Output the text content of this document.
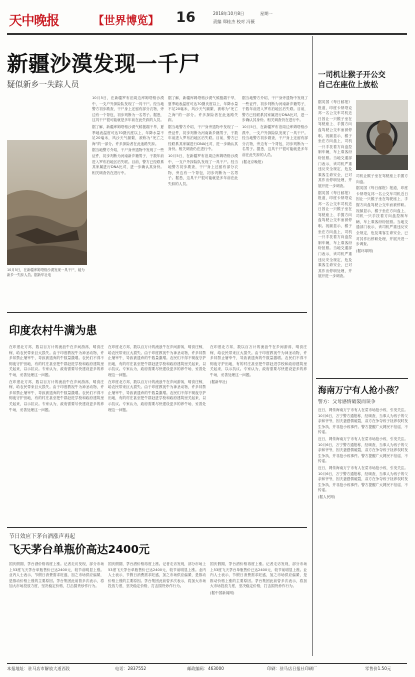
天中晚报	【世界博览】 16	2018年10月8日	星期一
责编 郑桂杰 校对 冯薇
新疆沙漠发现一千尸
疑似新乡一失踪人员
10月5日，在新疆库姆塔格沙漠发现一具干尸，疑为新乡一失踪人员。据新华社电

10月5日，在新疆罗布泊周边库姆塔格沙漠中，一支户外探险队发现了一具干尸。经当地警方初步勘查，干尸身上还留有部分衣物，旁边有一个背包，初步判断为一名男子。据悉，这具干尸很可能就是多年前在此失踪的人员。

据了解，新疆库姆塔格沙漠气候极端干旱，夏季地表温度可达70摄氏度以上，年降水量不足20毫米，风沙天气频繁，被称为“死亡之海”的一部分。许多探险者在此迷路失踪。

据当地警方介绍，干尸身旁遗物中发现了一些证件，初步判断为河南新乡籍男子，于数年前进入罗布泊地区后失联。目前，警方已经联系其家属进行DNA比对，进一步确认其身份。相关调查仍在进行中。

据了解，新疆库姆塔格沙漠气候极端干旱，夏季地表温度可达70摄氏度以上，年降水量不足20毫米，风沙天气频繁，被称为“死亡之海”的一部分。许多探险者在此迷路失踪。

据当地警方介绍，干尸身旁遗物中发现了一些证件，初步判断为河南新乡籍男子，于数年前进入罗布泊地区后失联。目前，警方已经联系其家属进行DNA比对，进一步确认其身份。相关调查仍在进行中。

10月5日，在新疆罗布泊周边库姆塔格沙漠中，一支户外探险队发现了一具干尸。经当地警方初步勘查，干尸身上还留有部分衣物，旁边有一个背包，初步判断为一名男子。据悉，这具干尸很可能就是多年前在此失踪的人员。

据当地警方介绍，干尸身旁遗物中发现了一些证件，初步判断为河南新乡籍男子，于数年前进入罗布泊地区后失联。目前，警方已经联系其家属进行DNA比对，进一步确认其身份。相关调查仍在进行中。

10月5日，在新疆罗布泊周边库姆塔格沙漠中，一支户外探险队发现了一具干尸。经当地警方初步勘查，干尸身上还留有部分衣物，旁边有一个背包，初步判断为一名男子。据悉，这具干尸很可能就是多年前在此失踪的人员。

(据北京晚报)

印度农村牛满为患

在印度北方邦，数以百万计的流浪牛在乡间游荡，啃食庄稼，给农民带来巨大损失。由于印度教视牛为神圣动物，许多邦禁止屠宰牛，导致被遗弃的牛数量激增。农民们不得不彻夜守护田地，有的村庄甚至把牛群赶进学校和政府建筑里关起来，以示抗议。专家认为，政府需要尽快建设更多的养牛场，妥善处理这一问题。

在印度北方邦，数以百万计的流浪牛在乡间游荡，啃食庄稼，给农民带来巨大损失。由于印度教视牛为神圣动物，许多邦禁止屠宰牛，导致被遗弃的牛数量激增。农民们不得不彻夜守护田地，有的村庄甚至把牛群赶进学校和政府建筑里关起来，以示抗议。专家认为，政府需要尽快建设更多的养牛场，妥善处理这一问题。

在印度北方邦，数以百万计的流浪牛在乡间游荡，啃食庄稼，给农民带来巨大损失。由于印度教视牛为神圣动物，许多邦禁止屠宰牛，导致被遗弃的牛数量激增。农民们不得不彻夜守护田地，有的村庄甚至把牛群赶进学校和政府建筑里关起来，以示抗议。专家认为，政府需要尽快建设更多的养牛场，妥善处理这一问题。

在印度北方邦，数以百万计的流浪牛在乡间游荡，啃食庄稼，给农民带来巨大损失。由于印度教视牛为神圣动物，许多邦禁止屠宰牛，导致被遗弃的牛数量激增。农民们不得不彻夜守护田地，有的村庄甚至把牛群赶进学校和政府建筑里关起来，以示抗议。专家认为，政府需要尽快建设更多的养牛场，妥善处理这一问题。

在印度北方邦，数以百万计的流浪牛在乡间游荡，啃食庄稼，给农民带来巨大损失。由于印度教视牛为神圣动物，许多邦禁止屠宰牛，导致被遗弃的牛数量激增。农民们不得不彻夜守护田地，有的村庄甚至把牛群赶进学校和政府建筑里关起来，以示抗议。专家认为，政府需要尽快建设更多的养牛场，妥善处理这一问题。

(据新华社)

节日效应下茅台酒涨声再起
飞天茅台单瓶价高达2400元

国庆假期，茅台酒价格再度上涨。记者走访发现，部分市场上53度飞天茅台单瓶售价已达2400元，较节前明显上涨。业内人士表示，节假日消费需求旺盛，加之市场供应偏紧，是推动价格上涨的主要原因。茅台集团此前曾多次表示，将加大市场投放力度，坚决稳定价格，打击囤货炒作行为。

国庆假期，茅台酒价格再度上涨。记者走访发现，部分市场上53度飞天茅台单瓶售价已达2400元，较节前明显上涨。业内人士表示，节假日消费需求旺盛，加之市场供应偏紧，是推动价格上涨的主要原因。茅台集团此前曾多次表示，将加大市场投放力度，坚决稳定价格，打击囤货炒作行为。

国庆假期，茅台酒价格再度上涨。记者走访发现，部分市场上53度飞天茅台单瓶售价已达2400元，较节前明显上涨。业内人士表示，节假日消费需求旺盛，加之市场供应偏紧，是推动价格上涨的主要原因。茅台集团此前曾多次表示，将加大市场投放力度，坚决稳定价格，打击囤货炒作行为。

(据中国新闻网)

一司机让猴子开公交
自己在座位上放松

据英国《每日邮报》报道，印度卡纳塔克邦一名公交车司机近日因让一只猴子坐在驾驶座上、手握方向盘驾驶公交车而被停职。视频显示，猴子坐在方向盘上，司机一只手扶着方向盘控制车辆，车上乘客纷纷拍照。当地交通部门表示，该司机严重违反安全规定，危及乘客生命安全，已对其作出停职处理，并展开进一步调查。

据英国《每日邮报》报道，印度卡纳塔克邦一名公交车司机近日因让一只猴子坐在驾驶座上、手握方向盘驾驶公交车而被停职。视频显示，猴子坐在方向盘上，司机一只手扶着方向盘控制车辆，车上乘客纷纷拍照。当地交通部门表示，该司机严重违反安全规定，危及乘客生命安全，已对其作出停职处理，并展开进一步调查。

司机让猴子坐在驾驶座上手握方向盘。

据英国《每日邮报》报道，印度卡纳塔克邦一名公交车司机近日因让一只猴子坐在驾驶座上、手握方向盘驾驶公交车而被停职。视频显示，猴子坐在方向盘上，司机一只手扶着方向盘控制车辆，车上乘客纷纷拍照。当地交通部门表示，该司机严重违反安全规定，危及乘客生命安全，已对其作出停职处理，并展开进一步调查。

(据环球网)

海南万宁有人抢小孩？
警方：父母感情破裂而误争

近日，网传海南万宁市有人在菜市场抢小孩，引发关注。10月6日，万宁警方通报称，经调查，当事人为孩子的父亲和爷爷，因夫妻感情破裂，双方在争夺孩子抚养权时发生争执，并非抢小孩事件。警方提醒广大网民不信谣、不传谣。

近日，网传海南万宁市有人在菜市场抢小孩，引发关注。10月6日，万宁警方通报称，经调查，当事人为孩子的父亲和爷爷，因夫妻感情破裂，双方在争夺孩子抚养权时发生争执，并非抢小孩事件。警方提醒广大网民不信谣、不传谣。

近日，网传海南万宁市有人在菜市场抢小孩，引发关注。10月6日，万宁警方通报称，经调查，当事人为孩子的父亲和爷爷，因夫妻感情破裂，双方在争夺孩子抚养权时发生争执，并非抢小孩事件。警方提醒广大网民不信谣、不传谣。

(据人民网)

本报地址：驻马店市解放大道西段	电话：2837552	邮政编码：463000	印刷：驻马店日报社印刷厂	零售价1.50元
